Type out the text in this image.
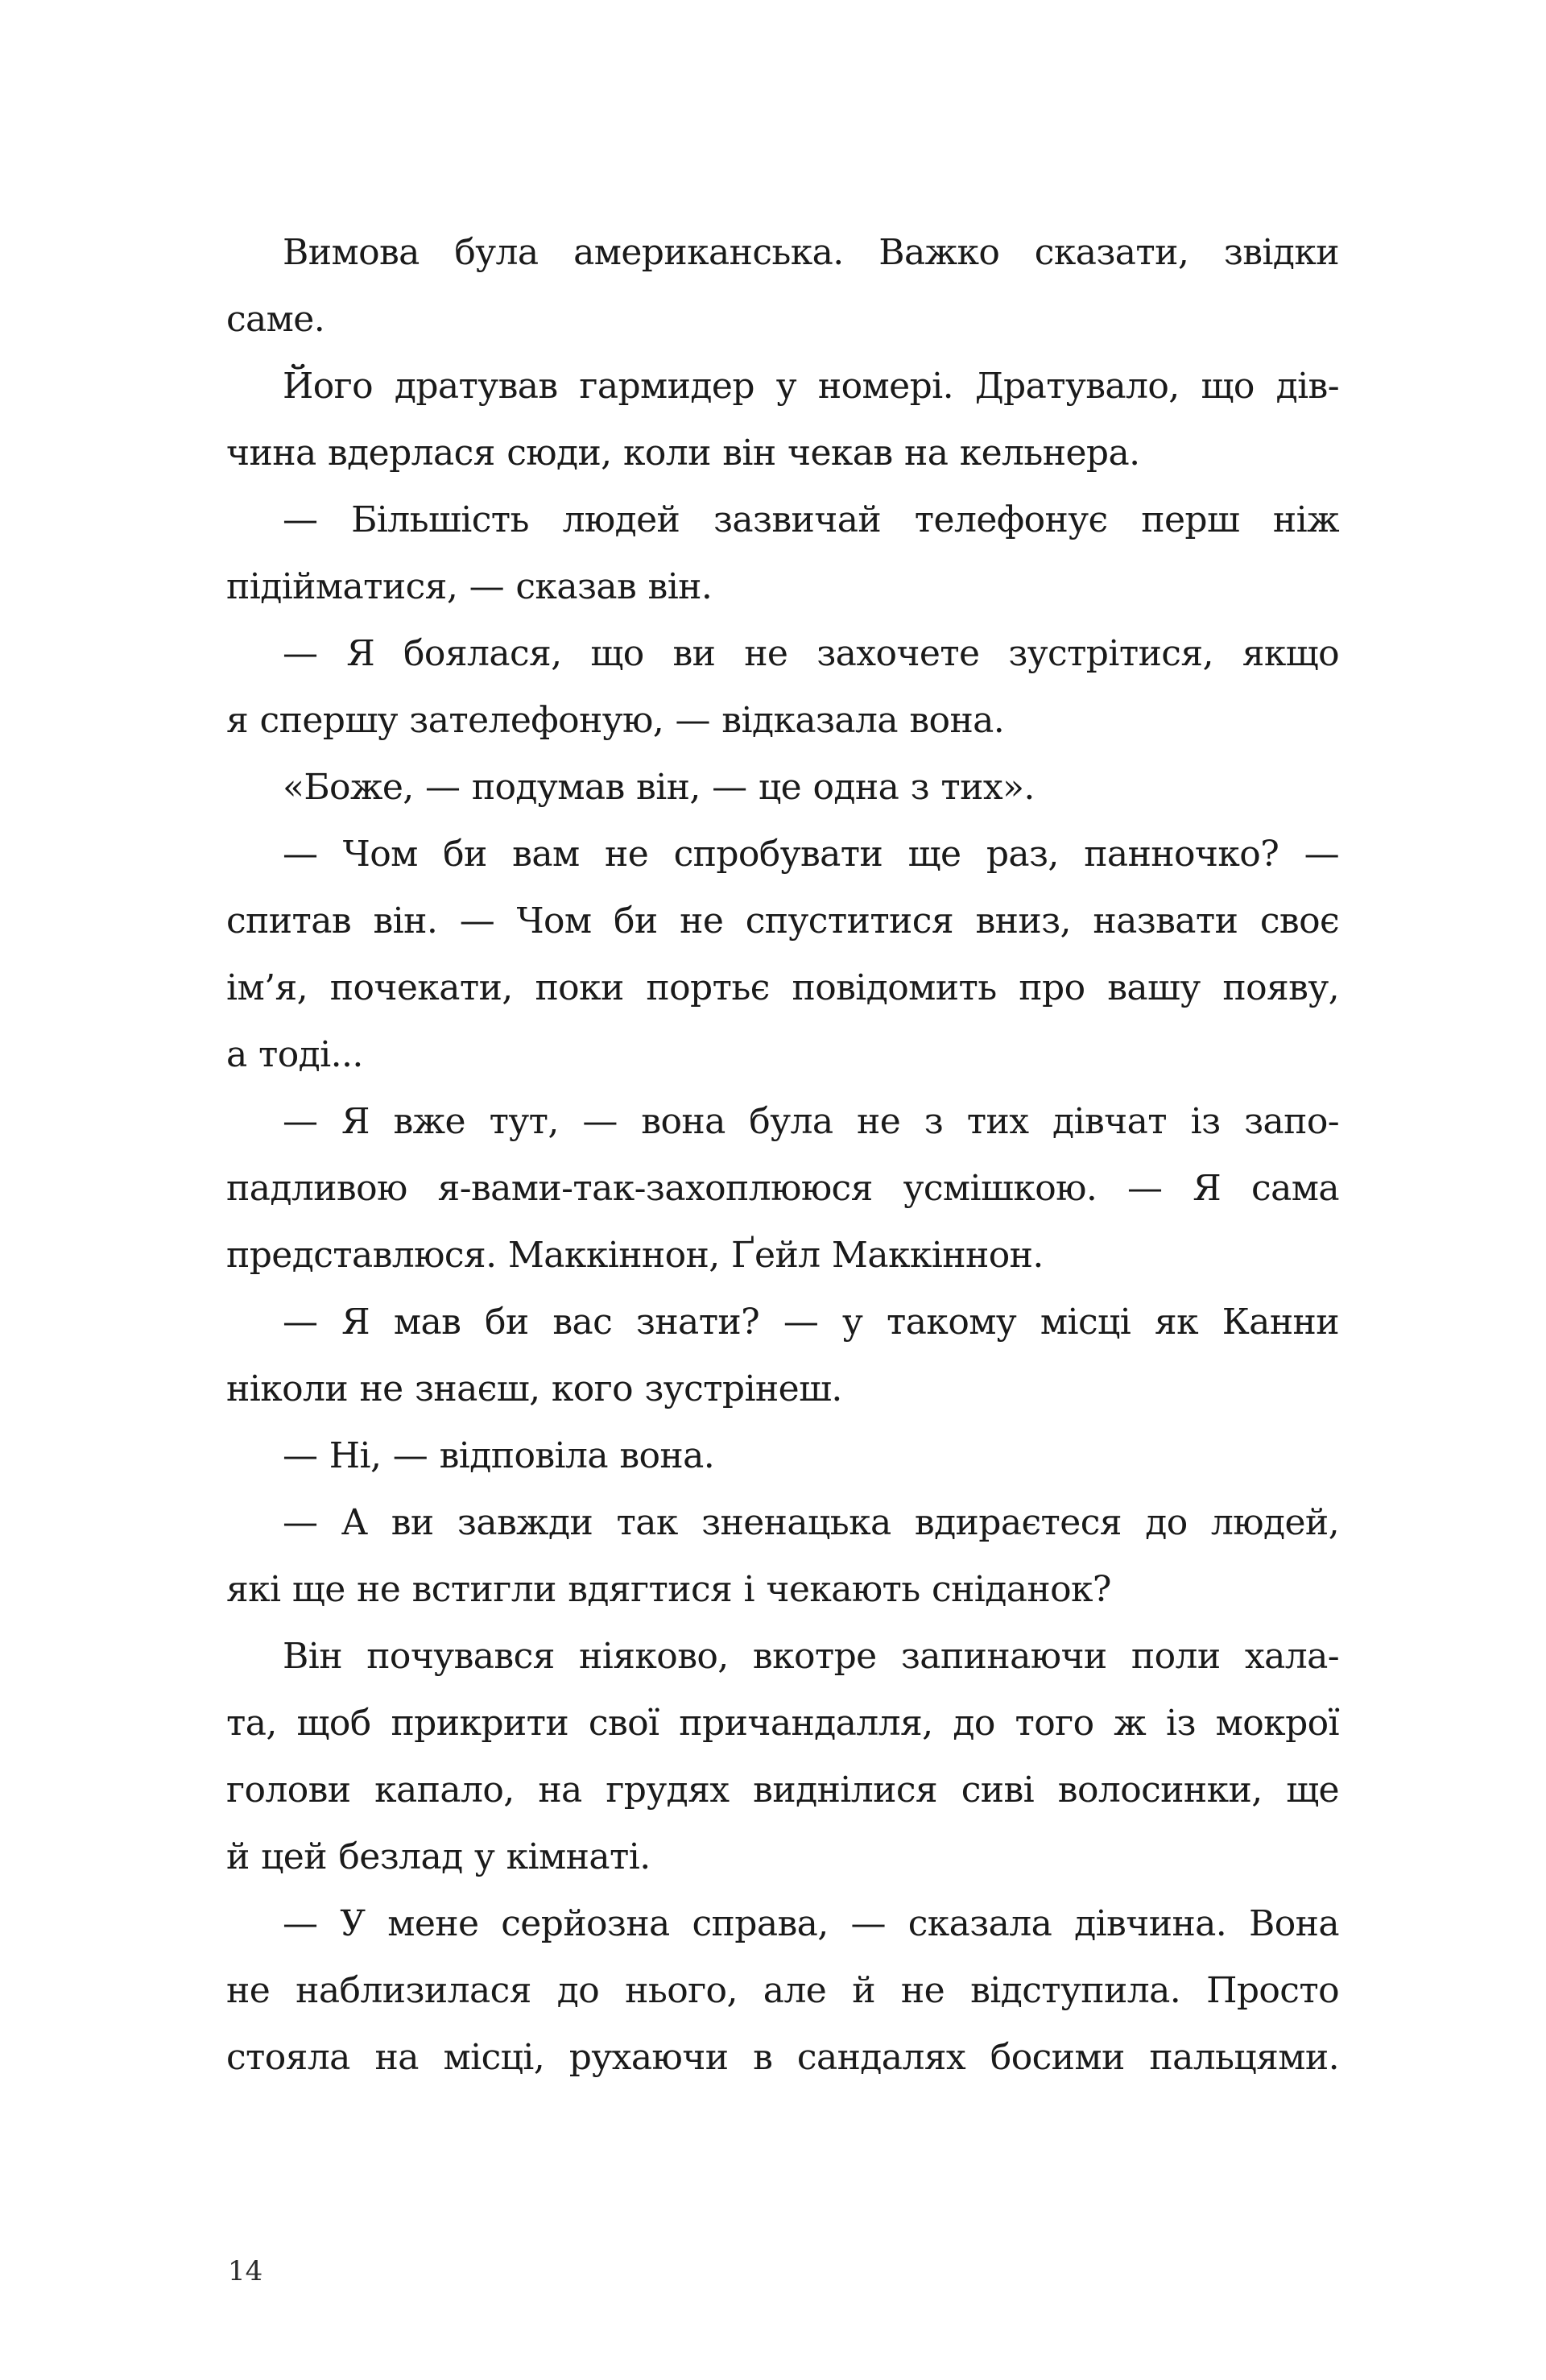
Вимова була американська. Важко сказати, звідки
саме.
Його дратував гармидер у номері. Дратувало, що дів-
чина вдерлася сюди, коли він чекав на кельнера.
— Більшість людей зазвичай телефонує перш ніж
підійматися, — сказав він.
— Я боялася, що ви не захочете зустрітися, якщо
я спершу зателефоную, — відказала вона.
«Боже, — подумав він, — це одна з тих».
— Чом би вам не спробувати ще раз, панночко? —
спитав він. — Чом би не спуститися вниз, назвати своє
ім’я, почекати, поки портьє повідомить про вашу появу,
а тоді...
— Я вже тут, — вона була не з тих дівчат із запо-
падливою я-вами-так-захоплююся усмішкою. — Я сама
представлюся. Маккіннон, Ґейл Маккіннон.
— Я мав би вас знати? — у такому місці як Канни
ніколи не знаєш, кого зустрінеш.
— Ні, — відповіла вона.
— А ви завжди так зненацька вдираєтеся до людей,
які ще не встигли вдягтися і чекають сніданок?
Він почувався ніяково, вкотре запинаючи поли хала-
та, щоб прикрити свої причандалля, до того ж із мокрої
голови капало, на грудях виднілися сиві волосинки, ще
й цей безлад у кімнаті.
— У мене серйозна справа, — сказала дівчина. Вона
не наблизилася до нього, але й не відступила. Просто
стояла на місці, рухаючи в сандалях босими пальцями.
14
